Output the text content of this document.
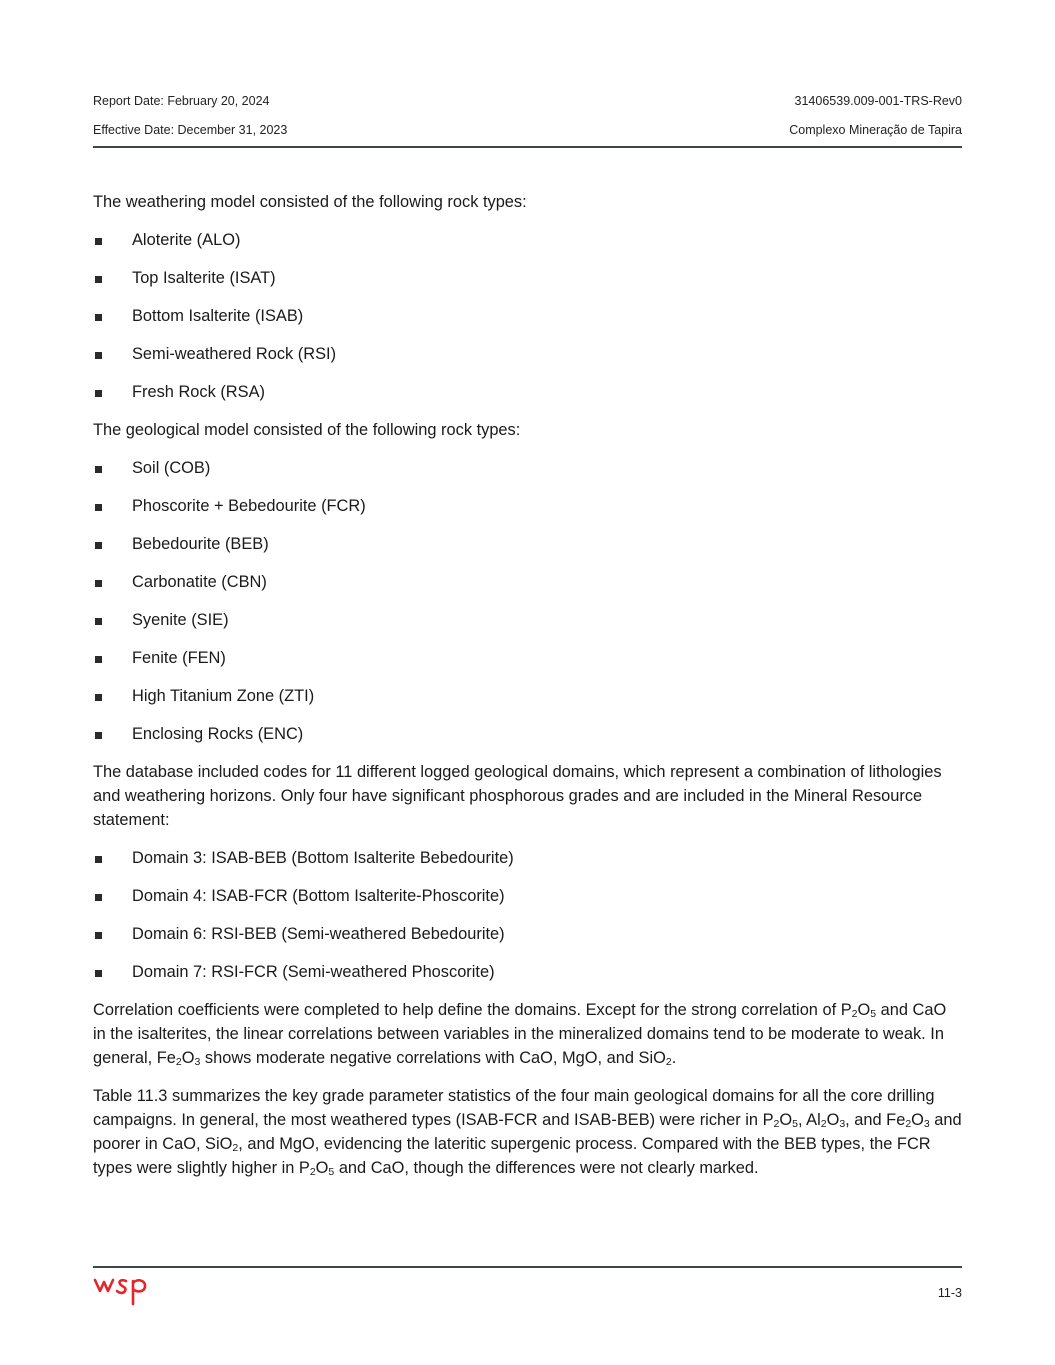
Report Date: February 20, 2024	31406539.009-001-TRS-Rev0
Effective Date: December 31, 2023	Complexo Mineração de Tapira

The weathering model consisted of the following rock types:

Aloterite (ALO)
Top Isalterite (ISAT)
Bottom Isalterite (ISAB)
Semi-weathered Rock (RSI)
Fresh Rock (RSA)

The geological model consisted of the following rock types:

Soil (COB)
Phoscorite + Bebedourite (FCR)
Bebedourite (BEB)
Carbonatite (CBN)
Syenite (SIE)
Fenite (FEN)
High Titanium Zone (ZTI)
Enclosing Rocks (ENC)

The database included codes for 11 different logged geological domains, which represent a combination of lithologies and weathering horizons. Only four have significant phosphorous grades and are included in the Mineral Resource statement:

Domain 3: ISAB-BEB (Bottom Isalterite Bebedourite)
Domain 4: ISAB-FCR (Bottom Isalterite-Phoscorite)
Domain 6: RSI-BEB (Semi-weathered Bebedourite)
Domain 7: RSI-FCR (Semi-weathered Phoscorite)

Correlation coefficients were completed to help define the domains. Except for the strong correlation of $P_2O_5$ and CaO in the isalterites, the linear correlations between variables in the mineralized domains tend to be moderate to weak. In general, $Fe_2O_3$ shows moderate negative correlations with CaO, MgO, and SiO$_2$.

Table 11.3 summarizes the key grade parameter statistics of the four main geological domains for all the core drilling campaigns. In general, the most weathered types (ISAB-FCR and ISAB-BEB) were richer in $P_2O_5$, $Al_2O_3$, and $Fe_2O_3$ and poorer in CaO, SiO$_2$, and MgO, evidencing the lateritic supergenic process. Compared with the BEB types, the FCR types were slightly higher in $P_2O_5$ and CaO, though the differences were not clearly marked.

11-3
